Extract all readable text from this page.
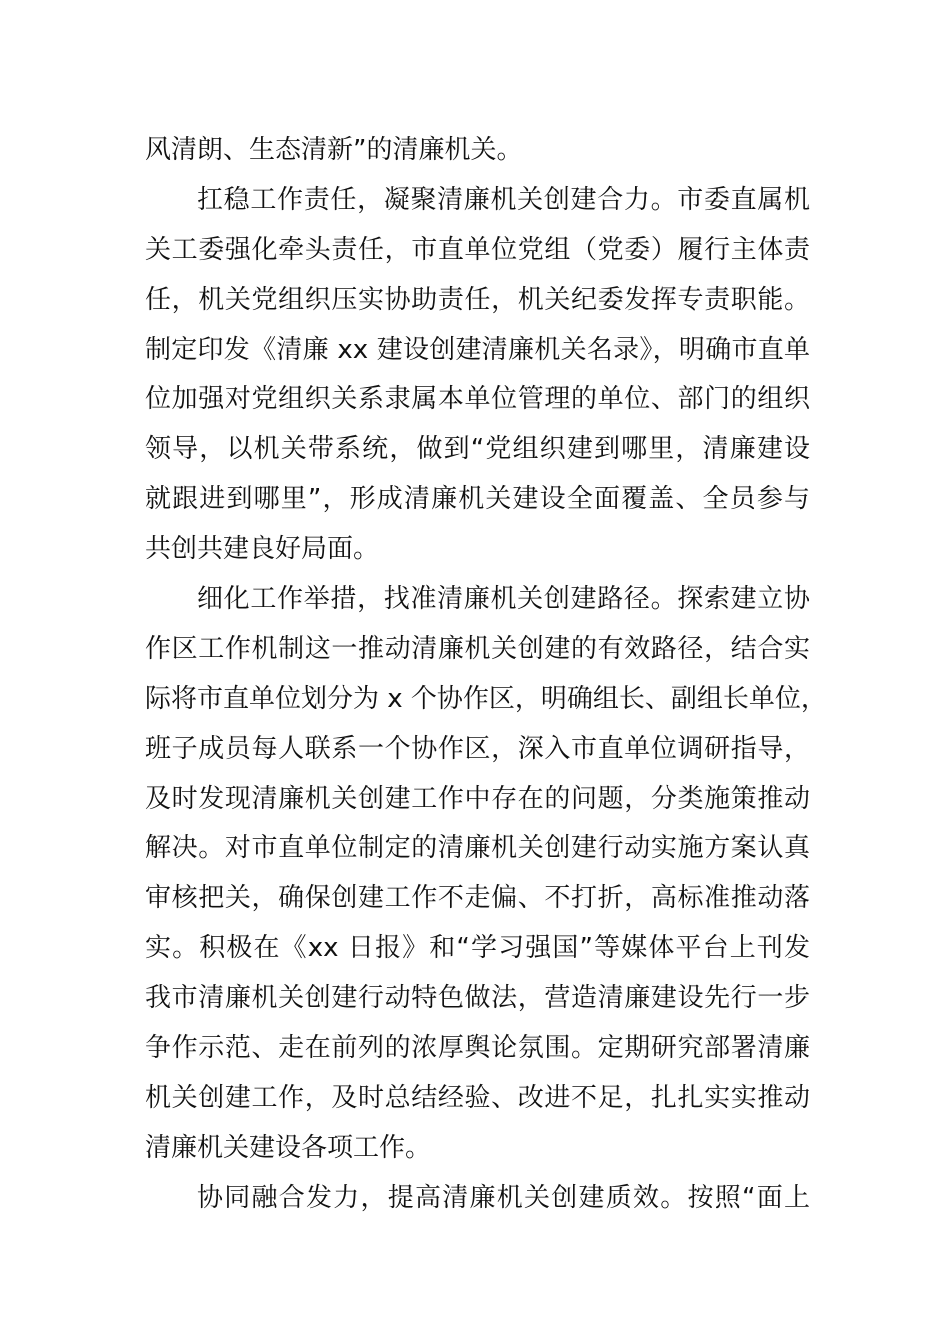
风清朗、生态清新”的清廉机关。
扛稳工作责任，凝聚清廉机关创建合力。市委直属机
关工委强化牵头责任，市直单位党组（党委）履行主体责
任，机关党组织压实协助责任，机关纪委发挥专责职能。
制定印发《清廉 xx 建设创建清廉机关名录》，明确市直单
位加强对党组织关系隶属本单位管理的单位、部门的组织
领导，以机关带系统，做到“党组织建到哪里，清廉建设
就跟进到哪里”，形成清廉机关建设全面覆盖、全员参与
共创共建良好局面。
细化工作举措，找准清廉机关创建路径。探索建立协
作区工作机制这一推动清廉机关创建的有效路径，结合实
际将市直单位划分为 x 个协作区，明确组长、副组长单位，
班子成员每人联系一个协作区，深入市直单位调研指导，
及时发现清廉机关创建工作中存在的问题，分类施策推动
解决。对市直单位制定的清廉机关创建行动实施方案认真
审核把关，确保创建工作不走偏、不打折，高标准推动落
实。积极在《xx 日报》和“学习强国”等媒体平台上刊发
我市清廉机关创建行动特色做法，营造清廉建设先行一步
争作示范、走在前列的浓厚舆论氛围。定期研究部署清廉
机关创建工作，及时总结经验、改进不足，扎扎实实推动
清廉机关建设各项工作。
协同融合发力，提高清廉机关创建质效。按照“面上
